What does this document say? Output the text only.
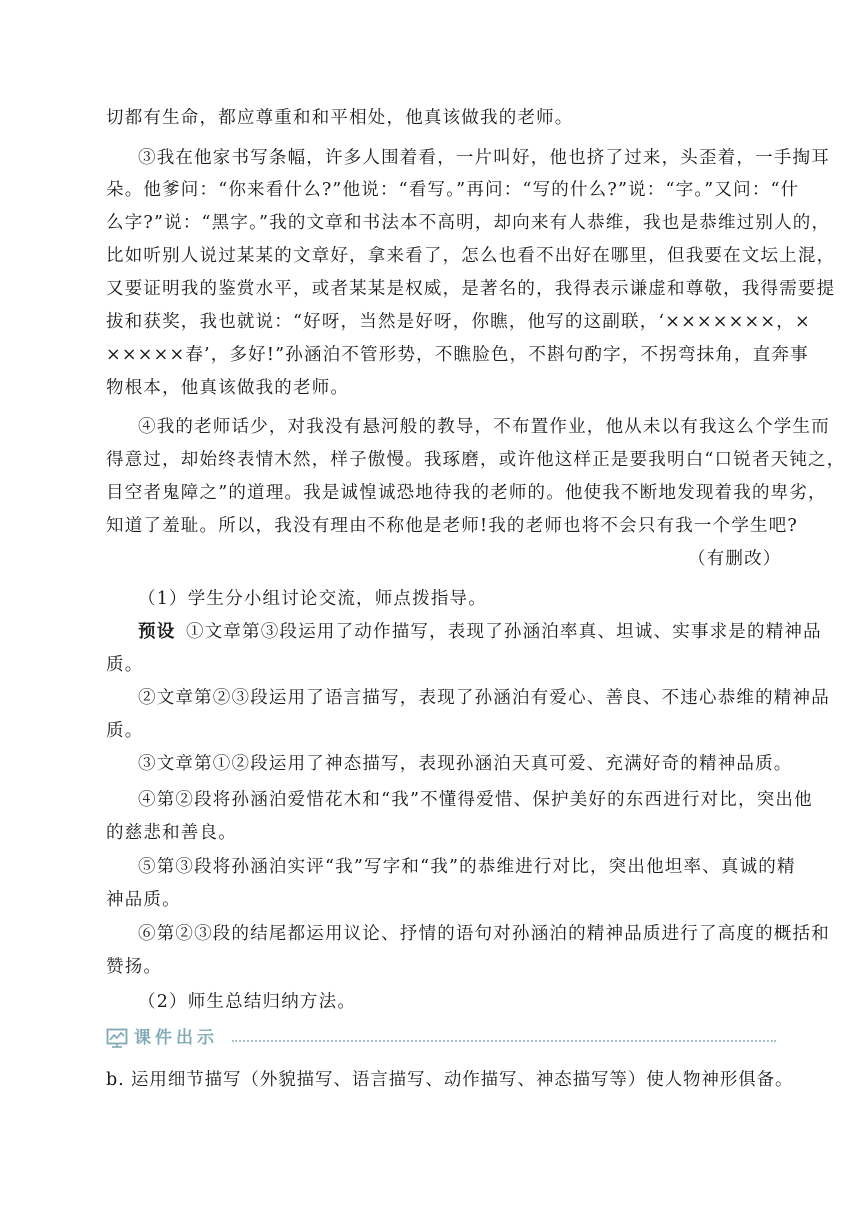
切都有生命，都应尊重和和平相处，他真该做我的老师。
③我在他家书写条幅，许多人围着看，一片叫好，他也挤了过来，头歪着，一手掏耳
朵。他爹问：“你来看什么?”他说：“看写。”再问：“写的什么?”说：“字。”又问：“什
么字?”说：“黑字。”我的文章和书法本不高明，却向来有人恭维，我也是恭维过别人的，
比如听别人说过某某的文章好，拿来看了，怎么也看不出好在哪里，但我要在文坛上混，
又要证明我的鉴赏水平，或者某某是权威，是著名的，我得表示谦虚和尊敬，我得需要提
拔和获奖，我也就说：“好呀，当然是好呀，你瞧，他写的这副联，‘×××××××，×
×××××春’，多好!”孙涵泊不管形势，不瞧脸色，不斟句酌字，不拐弯抹角，直奔事
物根本，他真该做我的老师。
④我的老师话少，对我没有悬河般的教导，不布置作业，他从未以有我这么个学生而
得意过，却始终表情木然，样子傲慢。我琢磨，或许他这样正是要我明白“口锐者天钝之，
目空者鬼障之”的道理。我是诚惶诚恐地待我的老师的。他使我不断地发现着我的卑劣，
知道了羞耻。所以，我没有理由不称他是老师!我的老师也将不会只有我一个学生吧?
（有删改）
（1）学生分小组讨论交流，师点拨指导。
预设 ①文章第③段运用了动作描写，表现了孙涵泊率真、坦诚、实事求是的精神品
质。
②文章第②③段运用了语言描写，表现了孙涵泊有爱心、善良、不违心恭维的精神品
质。
③文章第①②段运用了神态描写，表现孙涵泊天真可爱、充满好奇的精神品质。
④第②段将孙涵泊爱惜花木和“我”不懂得爱惜、保护美好的东西进行对比，突出他
的慈悲和善良。
⑤第③段将孙涵泊实评“我”写字和“我”的恭维进行对比，突出他坦率、真诚的精
神品质。
⑥第②③段的结尾都运用议论、抒情的语句对孙涵泊的精神品质进行了高度的概括和
赞扬。
（2）师生总结归纳方法。
课件出示
b. 运用细节描写（外貌描写、语言描写、动作描写、神态描写等）使人物神形俱备。
